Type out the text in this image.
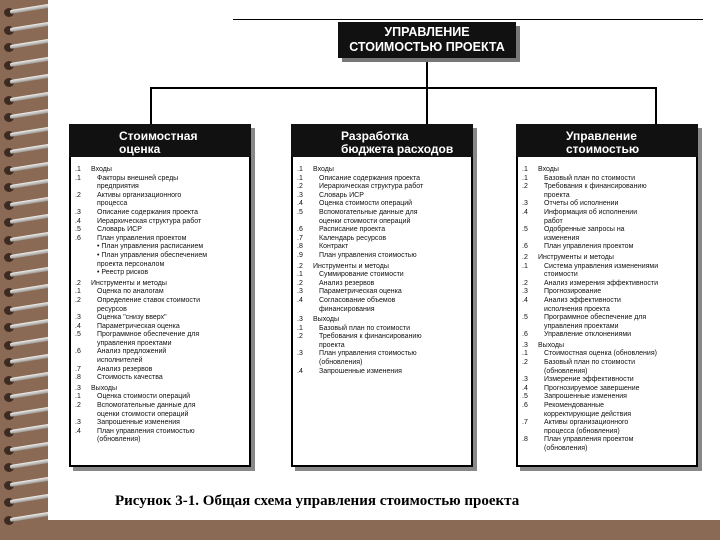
УПРАВЛЕНИЕ
СТОИМОСТЬЮ ПРОЕКТА
Стоимостная
оценка
.1	Входы
.1	Факторы внешней среды
предприятия
.2	Активы организационного
процесса
.3	Описание содержания проекта
.4	Иерархическая структура работ
.5	Словарь ИСР
.6	План управления проектом
• План управления расписанием
• План управления обеспечением
проекта персоналом
• Реестр рисков
.2	Инструменты и методы
.1	Оценка по аналогам
.2	Определение ставок стоимости
ресурсов
.3	Оценка "снизу вверх"
.4	Параметрическая оценка
.5	Программное обеспечение для
управления проектами
.6	Анализ предложений
исполнителей
.7	Анализ резервов
.8	Стоимость качества
.3	Выходы
.1	Оценка стоимости операций
.2	Вспомогательные данные для
оценки стоимости операций
.3	Запрошенные изменения
.4	План управления стоимостью
(обновления)
Разработка
бюджета расходов
.1	Входы
.1	Описание содержания проекта
.2	Иерархическая структура работ
.3	Словарь ИСР
.4	Оценка стоимости операций
.5	Вспомогательные данные для
оценки стоимости операций
.6	Расписание проекта
.7	Календарь ресурсов
.8	Контракт
.9	План управления стоимостью
.2	Инструменты и методы
.1	Суммирование стоимости
.2	Анализ резервов
.3	Параметрическая оценка
.4	Согласование объемов
финансирования
.3	Выходы
.1	Базовый план по стоимости
.2	Требования к финансированию
проекта
.3	План управления стоимостью
(обновления)
.4	Запрошенные изменения
Управление
стоимостью
.1	Входы
.1	Базовый план по стоимости
.2	Требования к финансированию
проекта
.3	Отчеты об исполнении
.4	Информация об исполнении
работ
.5	Одобренные запросы на
изменения
.6	План управления проектом
.2	Инструменты и методы
.1	Система управления изменениями
стоимости
.2	Анализ измерения эффективности
.3	Прогнозирование
.4	Анализ эффективности
исполнения проекта
.5	Программное обеспечение для
управления проектами
.6	Управление отклонениями
.3	Выходы
.1	Стоимостная оценка (обновления)
.2	Базовый план по стоимости
(обновления)
.3	Измерение эффективности
.4	Прогнозируемое завершение
.5	Запрошенные изменения
.6	Рекомендованные
корректирующие действия
.7	Активы организационного
процесса (обновления)
.8	План управления проектом
(обновления)
Рисунок 3-1. Общая схема управления стоимостью проекта
